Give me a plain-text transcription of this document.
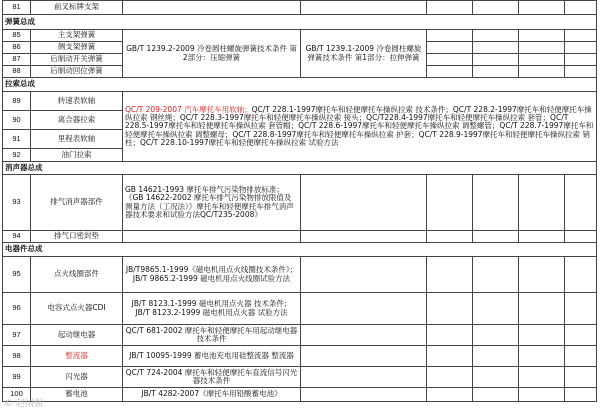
81	前叉标牌支架						
弹簧总成							
85	主支架弹簧	GB/T 1239.2-2009 冷卷圆柱螺旋弹簧技术条件 第2部分：压缩弹簧	GB/T 1239.1-2009 冷卷圆柱螺旋弹簧技术条件 第1部分：拉伸弹簧				
86	侧支架弹簧						
87	后制动开关弹簧						
88	后制动回位弹簧						
拉索总成							
89	转速表软轴	QC/T 209-2007 汽车摩托车用软轴；QC/T 228.1-1997摩托车和轻便摩托车操纵拉索 技术条件；QC/T 228.2-1997摩托车和轻便摩托车操纵拉索 钢丝绳；QC/T 228.3-1997摩托车和轻便摩托车操纵拉索 接头；QC/T228.4-1997摩托车和轻便摩托车操纵拉索 套管；QC/T 228.5-1997摩托车和轻便摩托车操纵拉索 套管帽；QC/T 228.6-1997摩托车和轻便摩托车操纵拉索 调整螺管；QC/T 228.7-1997摩托车和轻便摩托车操纵拉索 调整螺母；QC/T 228.8-1997摩托车和轻便摩托车操纵拉索 护套；QC/T 228.9-1997摩托车和轻便摩托车操纵拉索 销柱；QC/T 228.10-1997摩托车和轻便摩托车操纵拉索 试验方法					
90	离合器拉索						
91	里程表软轴						
92	油门拉索						
消声器总成							
93	排气消声器部件	GB 14621-1993 摩托车排气污染物排放标准；《GB 14622-2002 摩托车排气污染物排放限值及测量方法（工况法）》摩托车和轻便摩托车排气消声器技术要求和试验方法QC/T235-2008》					
94	排气口密封垫						
电器件总成							
95	点火线圈部件	JB/T9865.1-1999《磁电机用点火线圈技术条件》；JB/T 9865.2-1999 磁电机用点火线圈试验方法					
96	电容式点火器CDI	JB/T 8123.1-1999 磁电机用点火器 技术条件；JB/T 8123.2-1999 磁电机用点火器 试验方法					
97	起动继电器	QC/T 681-2002 摩托车和轻便摩托车用起动继电器技术条件					
98	整流器	JB/T 10095-1999 蓄电池充电用硅整流器 整流器					
99	闪光器	QC/T 724-2004 摩托车和轻便摩托车直流信号闪光器技术条件					
100	蓄电池	JB/T 4282-2007《摩托车用铅酸蓄电池》					
© 赵国强
